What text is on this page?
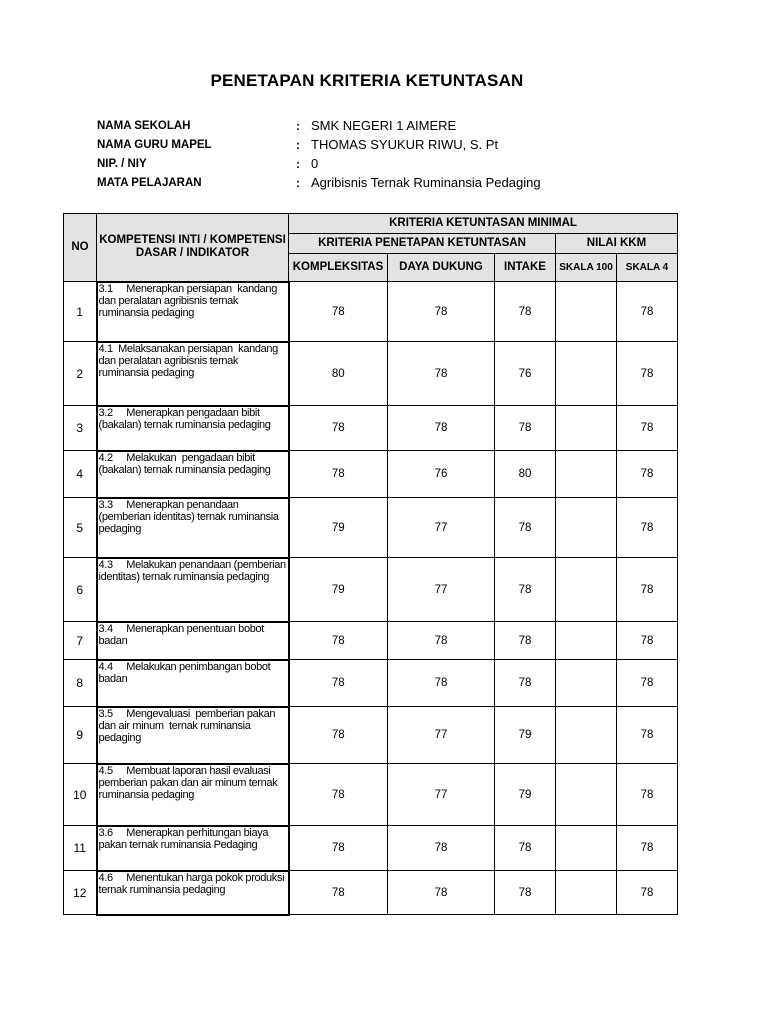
PENETAPAN KRITERIA KETUNTASAN
NAMA SEKOLAH	: SMK NEGERI 1 AIMERE
NAMA GURU MAPEL	: THOMAS SYUKUR RIWU, S. Pt
NIP. / NIY	: 0
MATA PELAJARAN	: Agribisnis Ternak Ruminansia Pedaging
NO	KOMPETENSI INTI / KOMPETENSI DASAR / INDIKATOR	KRITERIA KETUNTASAN MINIMAL				
		KRITERIA PENETAPAN KETUNTASAN			NILAI KKM	
		KOMPLEKSITAS	DAYA DUKUNG	INTAKE	SKALA 100	SKALA 4
1	3.1     Menerapkan persiapan  kandang dan peralatan agribisnis ternak ruminansia pedaging	78	78	78		78
2	4.1  Melaksanakan persiapan  kandang dan peralatan agribisnis ternak ruminansia pedaging	80	78	76		78
3	3.2     Menerapkan pengadaan bibit (bakalan) ternak ruminansia pedaging	78	78	78		78
4	4.2     Melakukan  pengadaan bibit (bakalan) ternak ruminansia pedaging	78	76	80		78
5	3.3     Menerapkan penandaan (pemberian identitas) ternak ruminansia pedaging	79	77	78		78
6	4.3     Melakukan penandaan (pemberian identitas) ternak ruminansia pedaging	79	77	78		78
7	3.4     Menerapkan penentuan bobot badan	78	78	78		78
8	4.4     Melakukan penimbangan bobot badan	78	78	78		78
9	3.5     Mengevaluasi  pemberian pakan dan air minum  ternak ruminansia pedaging	78	77	79		78
10	4.5     Membuat laporan hasil evaluasi pemberian pakan dan air minum ternak ruminansia pedaging	78	77	79		78
11	3.6     Menerapkan perhitungan biaya pakan ternak ruminansia Pedaging	78	78	78		78
12	4.6     Menentukan harga pokok produksi ternak ruminansia pedaging	78	78	78		78
